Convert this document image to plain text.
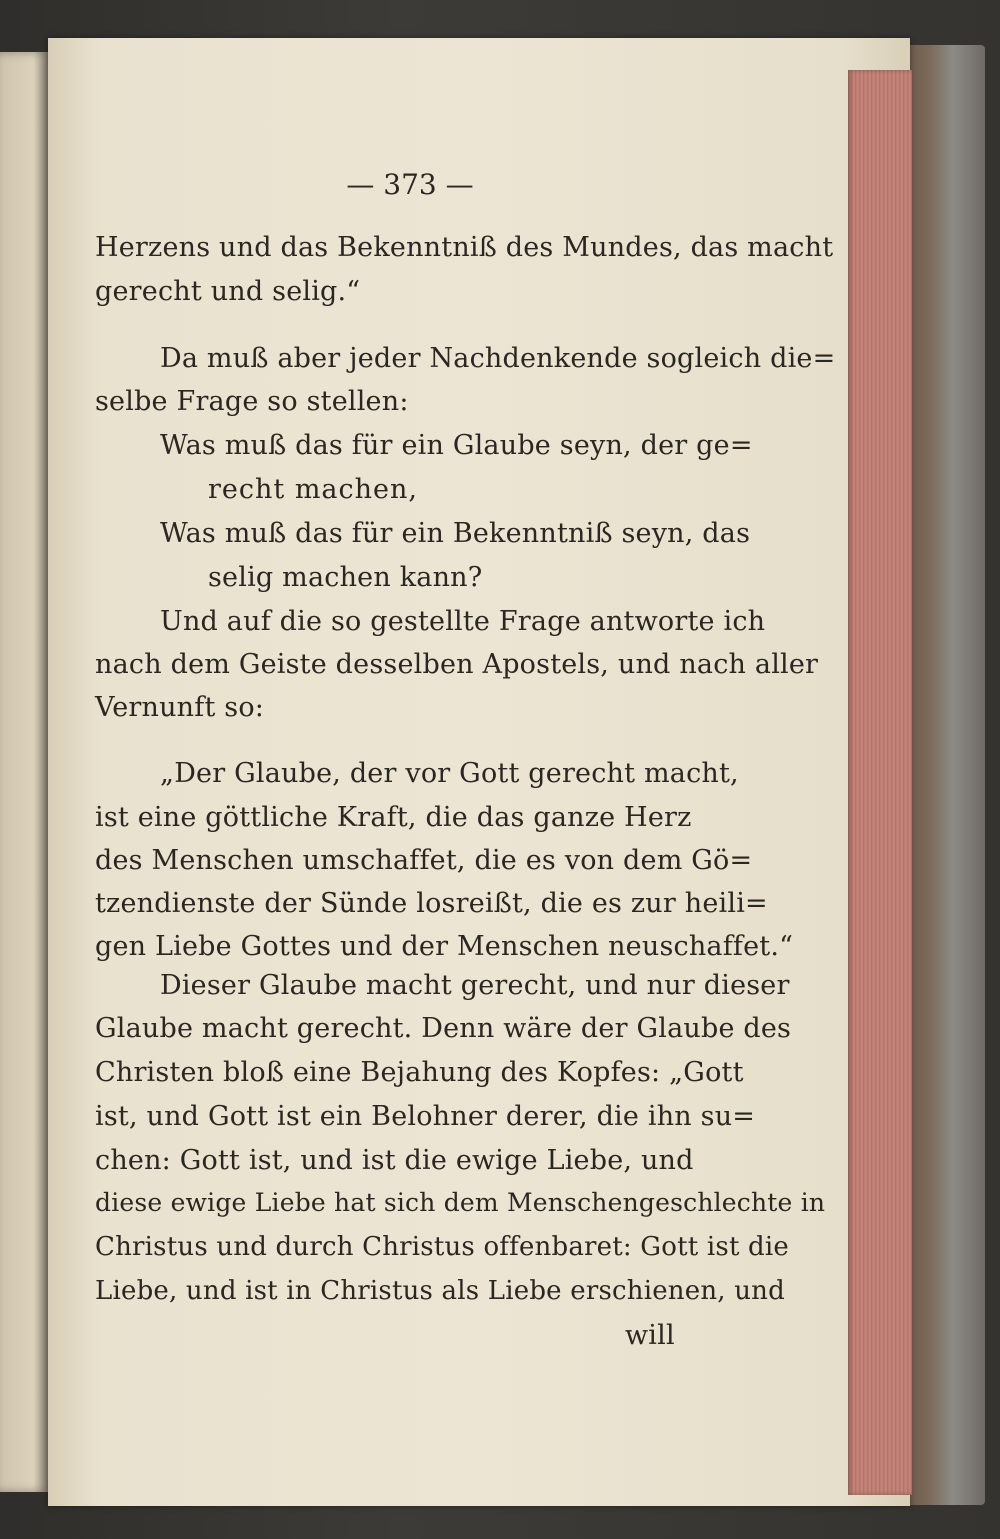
— 373 —
Herzens und das Bekenntniß des Mundes, das macht
gerecht und selig.“
Da muß aber jeder Nachdenkende sogleich die=
selbe Frage so stellen:
Was muß das für ein Glaube seyn, der ge=
recht machen,
Was muß das für ein Bekenntniß seyn, das
selig machen kann?
Und auf die so gestellte Frage antworte ich
nach dem Geiste desselben Apostels, und nach aller
Vernunft so:
„Der Glaube, der vor Gott gerecht macht,
ist eine göttliche Kraft, die das ganze Herz
des Menschen umschaffet, die es von dem Gö=
tzendienste der Sünde losreißt, die es zur heili=
gen Liebe Gottes und der Menschen neuschaffet.“
Dieser Glaube macht gerecht, und nur dieser
Glaube macht gerecht. Denn wäre der Glaube des
Christen bloß eine Bejahung des Kopfes: „Gott
ist, und Gott ist ein Belohner derer, die ihn su=
chen: Gott ist, und ist die ewige Liebe, und
diese ewige Liebe hat sich dem Menschengeschlechte in
Christus und durch Christus offenbaret: Gott ist die
Liebe, und ist in Christus als Liebe erschienen, und
will
